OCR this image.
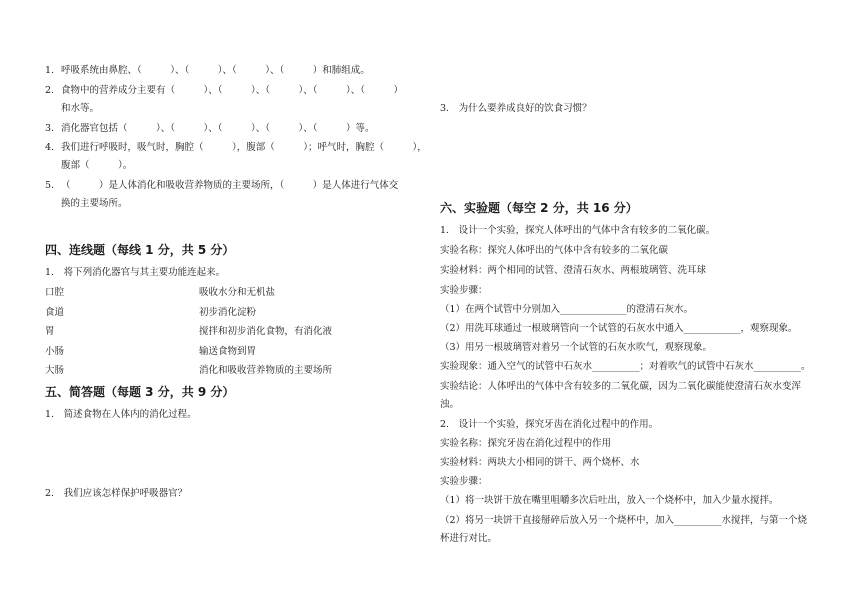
1. 呼吸系统由鼻腔、（　　　）、（　　　）、（　　　）、（　　　）和肺组成。
2. 食物中的营养成分主要有（　　　）、（　　　）、（　　　）、（　　　）、（　　　）
和水等。
3. 消化器官包括（　　　）、（　　　）、（　　　）、（　　　）、（　　　）等。
4. 我们进行呼吸时，吸气时，胸腔（　　　），腹部（　　　）；呼气时，胸腔（　　　），
腹部（　　　）。
5. （　　　）是人体消化和吸收营养物质的主要场所，（　　　）是人体进行气体交
换的主要场所。
四、连线题（每线 1 分，共 5 分）
1.　将下列消化器官与其主要功能连起来。
口腔
食道
胃
小肠
大肠
吸收水分和无机盐
初步消化淀粉
搅拌和初步消化食物，有消化液
输送食物到胃
消化和吸收营养物质的主要场所
五、简答题（每题 3 分，共 9 分）
1.　简述食物在人体内的消化过程。
2.　我们应该怎样保护呼吸器官？
3.　为什么要养成良好的饮食习惯？
六、实验题（每空 2 分，共 16 分）
1.　设计一个实验，探究人体呼出的气体中含有较多的二氧化碳。
实验名称：探究人体呼出的气体中含有较多的二氧化碳
实验材料：两个相同的试管、澄清石灰水、两根玻璃管、洗耳球
实验步骤：
（1）在两个试管中分别加入______________的澄清石灰水。
（2）用洗耳球通过一根玻璃管向一个试管的石灰水中通入____________，观察现象。
（3）用另一根玻璃管对着另一个试管的石灰水吹气，观察现象。
实验现象：通入空气的试管中石灰水__________；对着吹气的试管中石灰水__________。
实验结论：人体呼出的气体中含有较多的二氧化碳，因为二氧化碳能使澄清石灰水变浑
浊。
2.　设计一个实验，探究牙齿在消化过程中的作用。
实验名称：探究牙齿在消化过程中的作用
实验材料：两块大小相同的饼干、两个烧杯、水
实验步骤：
（1）将一块饼干放在嘴里咀嚼多次后吐出，放入一个烧杯中，加入少量水搅拌。
（2）将另一块饼干直接掰碎后放入另一个烧杯中，加入__________水搅拌，与第一个烧
杯进行对比。
